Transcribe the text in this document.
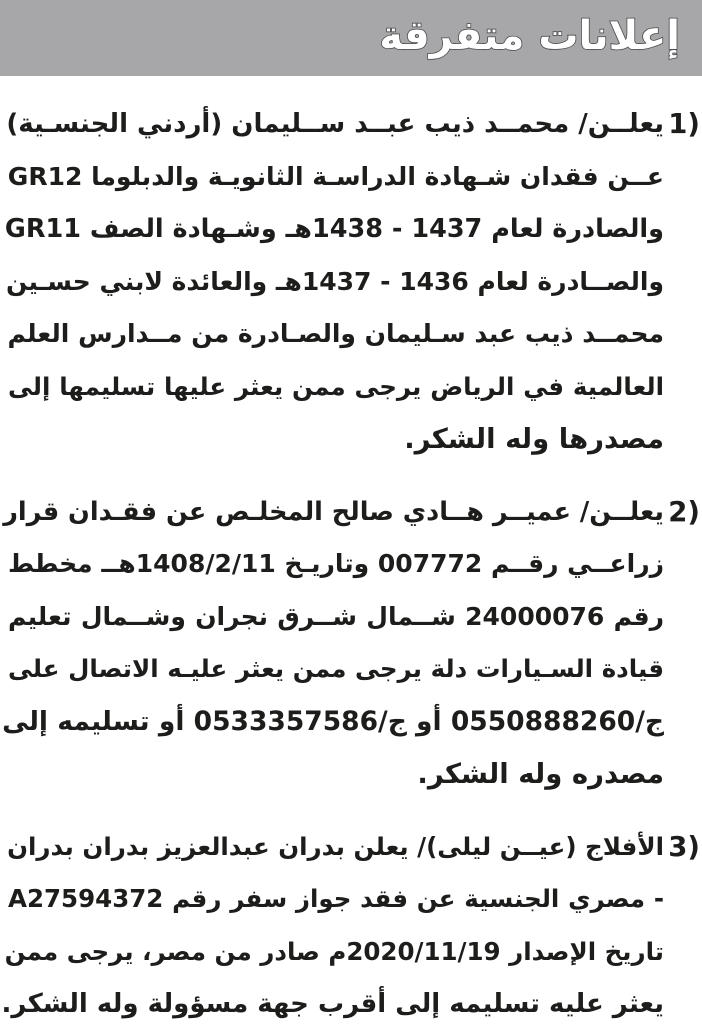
إعلانات متفرقة
1)
يعلــن/ محمــد ذيب عبــد ســليمان (أردني الجنسـية)
عــن فقدان شـهادة الدراسـة الثانويـة والدبلوما GR12
والصادرة لعام 1437 - 1438هـ وشـهادة الصف GR11
والصــادرة لعام 1436 - 1437هـ والعائدة لابني حسـين
محمــد ذيب عبد سـليمان والصـادرة من مــدارس العلم
العالمية في الرياض يرجى ممن يعثر عليها تسليمها إلى
مصدرها وله الشكر.
2)
يعلــن/ عميــر هــادي صالح المخلـص عن فقـدان قرار
زراعــي رقــم 007772 وتاريـخ 1408/2/11هــ مخطط
رقم 24000076 شــمال شــرق نجران وشــمال تعليم
قيادة السـيارات دلة يرجى ممن يعثر عليـه الاتصال على
ج/0550888260 أو ج/0533357586 أو تسليمه إلى
مصدره وله الشكر.
3)
الأفلاج (عيــن ليلى)/ يعلن بدران عبدالعزيز بدران بدران
- مصري الجنسية عن فقد جواز سفر رقم A27594372
تاريخ الإصدار 2020/11/19م صادر من مصر، يرجى ممن
يعثر عليه تسليمه إلى أقرب جهة مسؤولة وله الشكر.
